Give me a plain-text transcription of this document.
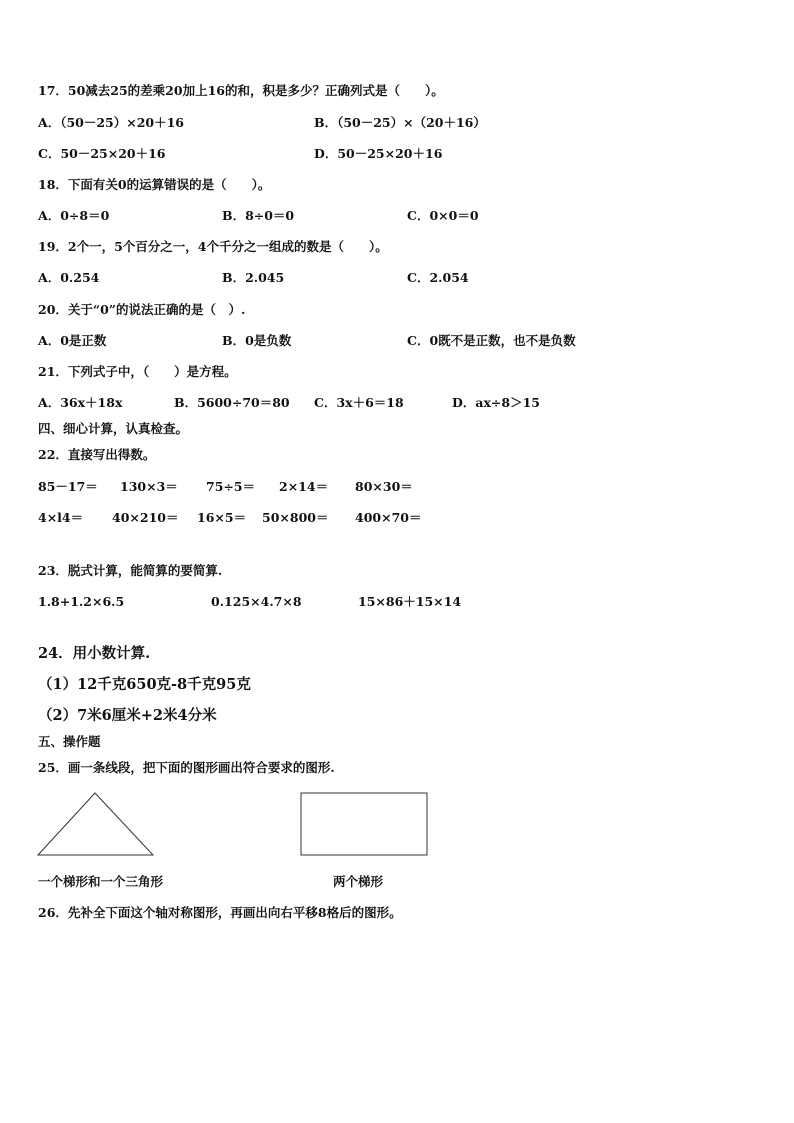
17．50减去25的差乘20加上16的和，积是多少？正确列式是（　　）。
A．（50－25）×20＋16	B．（50－25）×（20＋16）
C．50－25×20＋16	D．50－25×20＋16
18．下面有关0的运算错误的是（　　）。
A．0÷8＝0	B．8÷0＝0	C．0×0＝0
19．2个一，5个百分之一，4个千分之一组成的数是（　　）。
A．0.254	B．2.045	C．2.054
20．关于“0”的说法正确的是（　）.
A．0是正数	B．0是负数	C．0既不是正数，也不是负数
21．下列式子中，（　　）是方程。
A．36x＋18x	B．5600÷70＝80 C．3x＋6＝18	D．ax÷8＞15
四、细心计算，认真检查。
22．直接写出得数。
85－17＝ 130×3＝ 75÷5＝ 2×14＝ 80×30＝
4×l4＝ 40×210＝ 16×5＝ 50×800＝ 400×70＝
23．脱式计算，能简算的要简算.
1.8+1.2×6.5	0.125×4.7×8	15×86＋15×14
24．用小数计算.
（1）12千克650克-8千克95克
（2）7米6厘米+2米4分米
五、操作题
25．画一条线段，把下面的图形画出符合要求的图形.
一个梯形和一个三角形	两个梯形
26．先补全下面这个轴对称图形，再画出向右平移8格后的图形。
